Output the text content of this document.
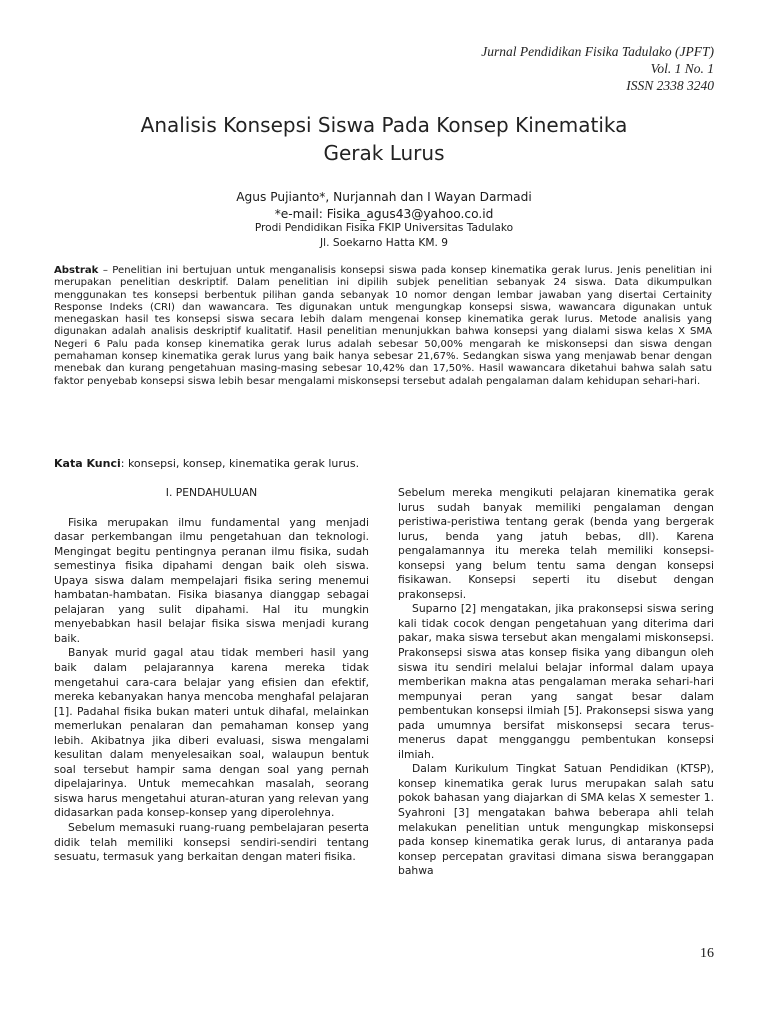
Jurnal Pendidikan Fisika Tadulako (JPFT)
Vol. 1 No. 1
ISSN 2338 3240
Analisis Konsepsi Siswa Pada Konsep Kinematika
Gerak Lurus
Agus Pujianto*, Nurjannah dan I Wayan Darmadi
*e-mail: Fisika_agus43@yahoo.co.id
Prodi Pendidikan Fisika FKIP Universitas Tadulako
Jl. Soekarno Hatta KM. 9

Abstrak – Penelitian ini bertujuan untuk menganalisis konsepsi siswa pada konsep kinematika gerak lurus. Jenis penelitian ini merupakan penelitian deskriptif. Dalam penelitian ini dipilih subjek penelitian sebanyak 24 siswa. Data dikumpulkan menggunakan tes konsepsi berbentuk pilihan ganda sebanyak 10 nomor dengan lembar jawaban yang disertai Certainity Response Indeks (CRI) dan wawancara. Tes digunakan untuk mengungkap konsepsi siswa, wawancara digunakan untuk menegaskan hasil tes konsepsi siswa secara lebih dalam mengenai konsep kinematika gerak lurus. Metode analisis yang digunakan adalah analisis deskriptif kualitatif. Hasil penelitian menunjukkan bahwa konsepsi yang dialami siswa kelas X SMA Negeri 6 Palu pada konsep kinematika gerak lurus adalah sebesar 50,00% mengarah ke miskonsepsi dan siswa dengan pemahaman konsep kinematika gerak lurus yang baik hanya sebesar 21,67%. Sedangkan siswa yang menjawab benar dengan menebak dan kurang pengetahuan masing-masing sebesar 10,42% dan 17,50%. Hasil wawancara diketahui bahwa salah satu faktor penyebab konsepsi siswa lebih besar mengalami miskonsepsi tersebut adalah pengalaman dalam kehidupan sehari-hari.

Kata Kunci: konsepsi, konsep, kinematika gerak lurus.
I. PENDAHULUAN

Fisika merupakan ilmu fundamental yang menjadi dasar perkembangan ilmu pengetahuan dan teknologi. Mengingat begitu pentingnya peranan ilmu fisika, sudah semestinya fisika dipahami dengan baik oleh siswa. Upaya siswa dalam mempelajari fisika sering menemui hambatan-hambatan. Fisika biasanya dianggap sebagai pelajaran yang sulit dipahami. Hal itu mungkin menyebabkan hasil belajar fisika siswa menjadi kurang baik.

Banyak murid gagal atau tidak memberi hasil yang baik dalam pelajarannya karena mereka tidak mengetahui cara-cara belajar yang efisien dan efektif, mereka kebanyakan hanya mencoba menghafal pelajaran [1]. Padahal fisika bukan materi untuk dihafal, melainkan memerlukan penalaran dan pemahaman konsep yang lebih. Akibatnya jika diberi evaluasi, siswa mengalami kesulitan dalam menyelesaikan soal, walaupun bentuk soal tersebut hampir sama dengan soal yang pernah dipelajarinya. Untuk memecahkan masalah, seorang siswa harus mengetahui aturan-aturan yang relevan yang didasarkan pada konsep-konsep yang diperolehnya.

Sebelum memasuki ruang-ruang pembelajaran peserta didik telah memiliki konsepsi sendiri-sendiri tentang sesuatu, termasuk yang berkaitan dengan materi fisika.

Sebelum mereka mengikuti pelajaran kinematika gerak lurus sudah banyak memiliki pengalaman dengan peristiwa-peristiwa tentang gerak (benda yang bergerak lurus, benda yang jatuh bebas, dll). Karena pengalamannya itu mereka telah memiliki konsepsi-konsepsi yang belum tentu sama dengan konsepsi fisikawan. Konsepsi seperti itu disebut dengan prakonsepsi.

Suparno [2] mengatakan, jika prakonsepsi siswa sering kali tidak cocok dengan pengetahuan yang diterima dari pakar, maka siswa tersebut akan mengalami miskonsepsi. Prakonsepsi siswa atas konsep fisika yang dibangun oleh siswa itu sendiri melalui belajar informal dalam upaya memberikan makna atas pengalaman meraka sehari-hari mempunyai peran yang sangat besar dalam pembentukan konsepsi ilmiah [5]. Prakonsepsi siswa yang pada umumnya bersifat miskonsepsi secara terus-menerus dapat mengganggu pembentukan konsepsi ilmiah.

Dalam Kurikulum Tingkat Satuan Pendidikan (KTSP), konsep kinematika gerak lurus merupakan salah satu pokok bahasan yang diajarkan di SMA kelas X semester 1. Syahroni [3] mengatakan bahwa beberapa ahli telah melakukan penelitian untuk mengungkap miskonsepsi pada konsep kinematika gerak lurus, di antaranya pada konsep percepatan gravitasi dimana siswa beranggapan bahwa

16
